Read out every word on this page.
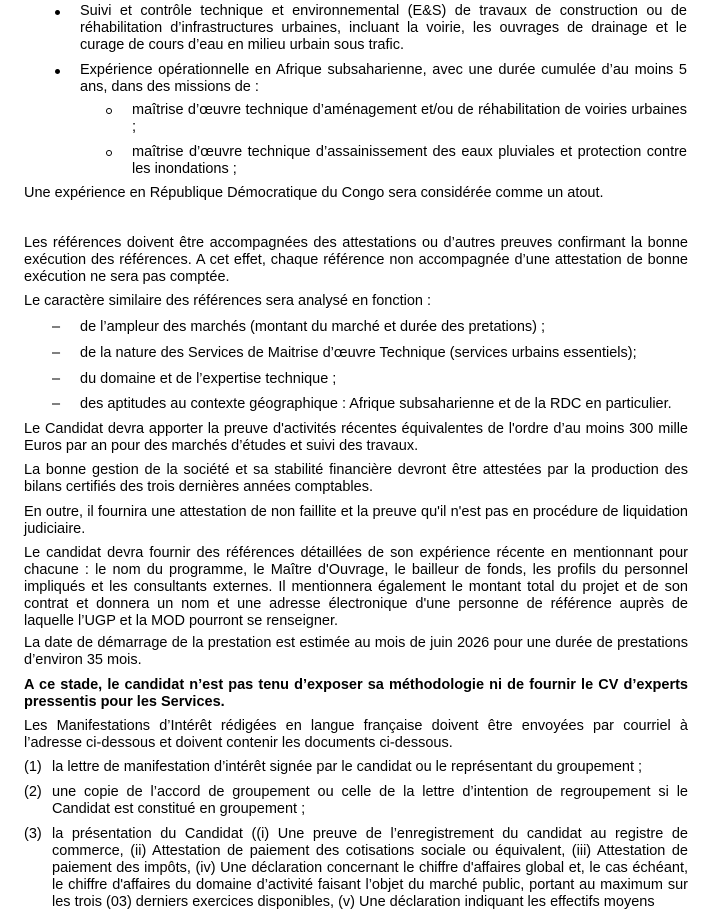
Suivi et contrôle technique et environnemental (E&S) de travaux de construction ou de réhabilitation d’infrastructures urbaines, incluant la voirie, les ouvrages de drainage et le curage de cours d’eau en milieu urbain sous trafic.
Expérience opérationnelle en Afrique subsaharienne, avec une durée cumulée d’au moins 5 ans, dans des missions de :
maîtrise d’œuvre technique d’aménagement et/ou de réhabilitation de voiries urbaines ;
maîtrise d’œuvre technique d’assainissement des eaux pluviales et protection contre les inondations ;
Une expérience en République Démocratique du Congo sera considérée comme un atout.
Les références doivent être accompagnées des attestations ou d’autres preuves confirmant la bonne exécution des références. A cet effet, chaque référence non accompagnée d’une attestation de bonne exécution ne sera pas comptée.
Le caractère similaire des références sera analysé en fonction :
– de l’ampleur des marchés (montant du marché et durée des pretations) ;
– de la nature des Services de Maitrise d’œuvre Technique (services urbains essentiels);
– du domaine et de l’expertise technique ;
– des aptitudes au contexte géographique : Afrique subsaharienne et de la RDC en particulier.
Le Candidat devra apporter la preuve d'activités récentes équivalentes de l'ordre d’au moins 300 mille Euros par an pour des marchés d’études et suivi des travaux.
La bonne gestion de la société et sa stabilité financière devront être attestées par la production des bilans certifiés des trois dernières années comptables.
En outre, il fournira une attestation de non faillite et la preuve qu'il n'est pas en procédure de liquidation judiciaire.
Le candidat devra fournir des références détaillées de son expérience récente en mentionnant pour chacune : le nom du programme, le Maître d'Ouvrage, le bailleur de fonds, les profils du personnel impliqués et les consultants externes. Il mentionnera également le montant total du projet et de son contrat et donnera un nom et une adresse électronique d'une personne de référence auprès de laquelle l’UGP et la MOD pourront se renseigner.
La date de démarrage de la prestation est estimée au mois de juin 2026 pour une durée de prestations d’environ 35 mois.
A ce stade, le candidat n’est pas tenu d’exposer sa méthodologie ni de fournir le CV d’experts pressentis pour les Services.
Les Manifestations d’Intérêt rédigées en langue française doivent être envoyées par courriel à l’adresse ci-dessous et doivent contenir les documents ci-dessous.
(1) la lettre de manifestation d’intérêt signée par le candidat ou le représentant du groupement ;
(2) une copie de l’accord de groupement ou celle de la lettre d’intention de regroupement si le Candidat est constitué en groupement ;
(3) la présentation du Candidat ((i) Une preuve de l’enregistrement du candidat au registre de commerce, (ii) Attestation de paiement des cotisations sociale ou équivalent, (iii) Attestation de paiement des impôts, (iv) Une déclaration concernant le chiffre d'affaires global et, le cas échéant, le chiffre d'affaires du domaine d’activité faisant l’objet du marché public, portant au maximum sur les trois (03) derniers exercices disponibles, (v) Une déclaration indiquant les effectifs moyens
